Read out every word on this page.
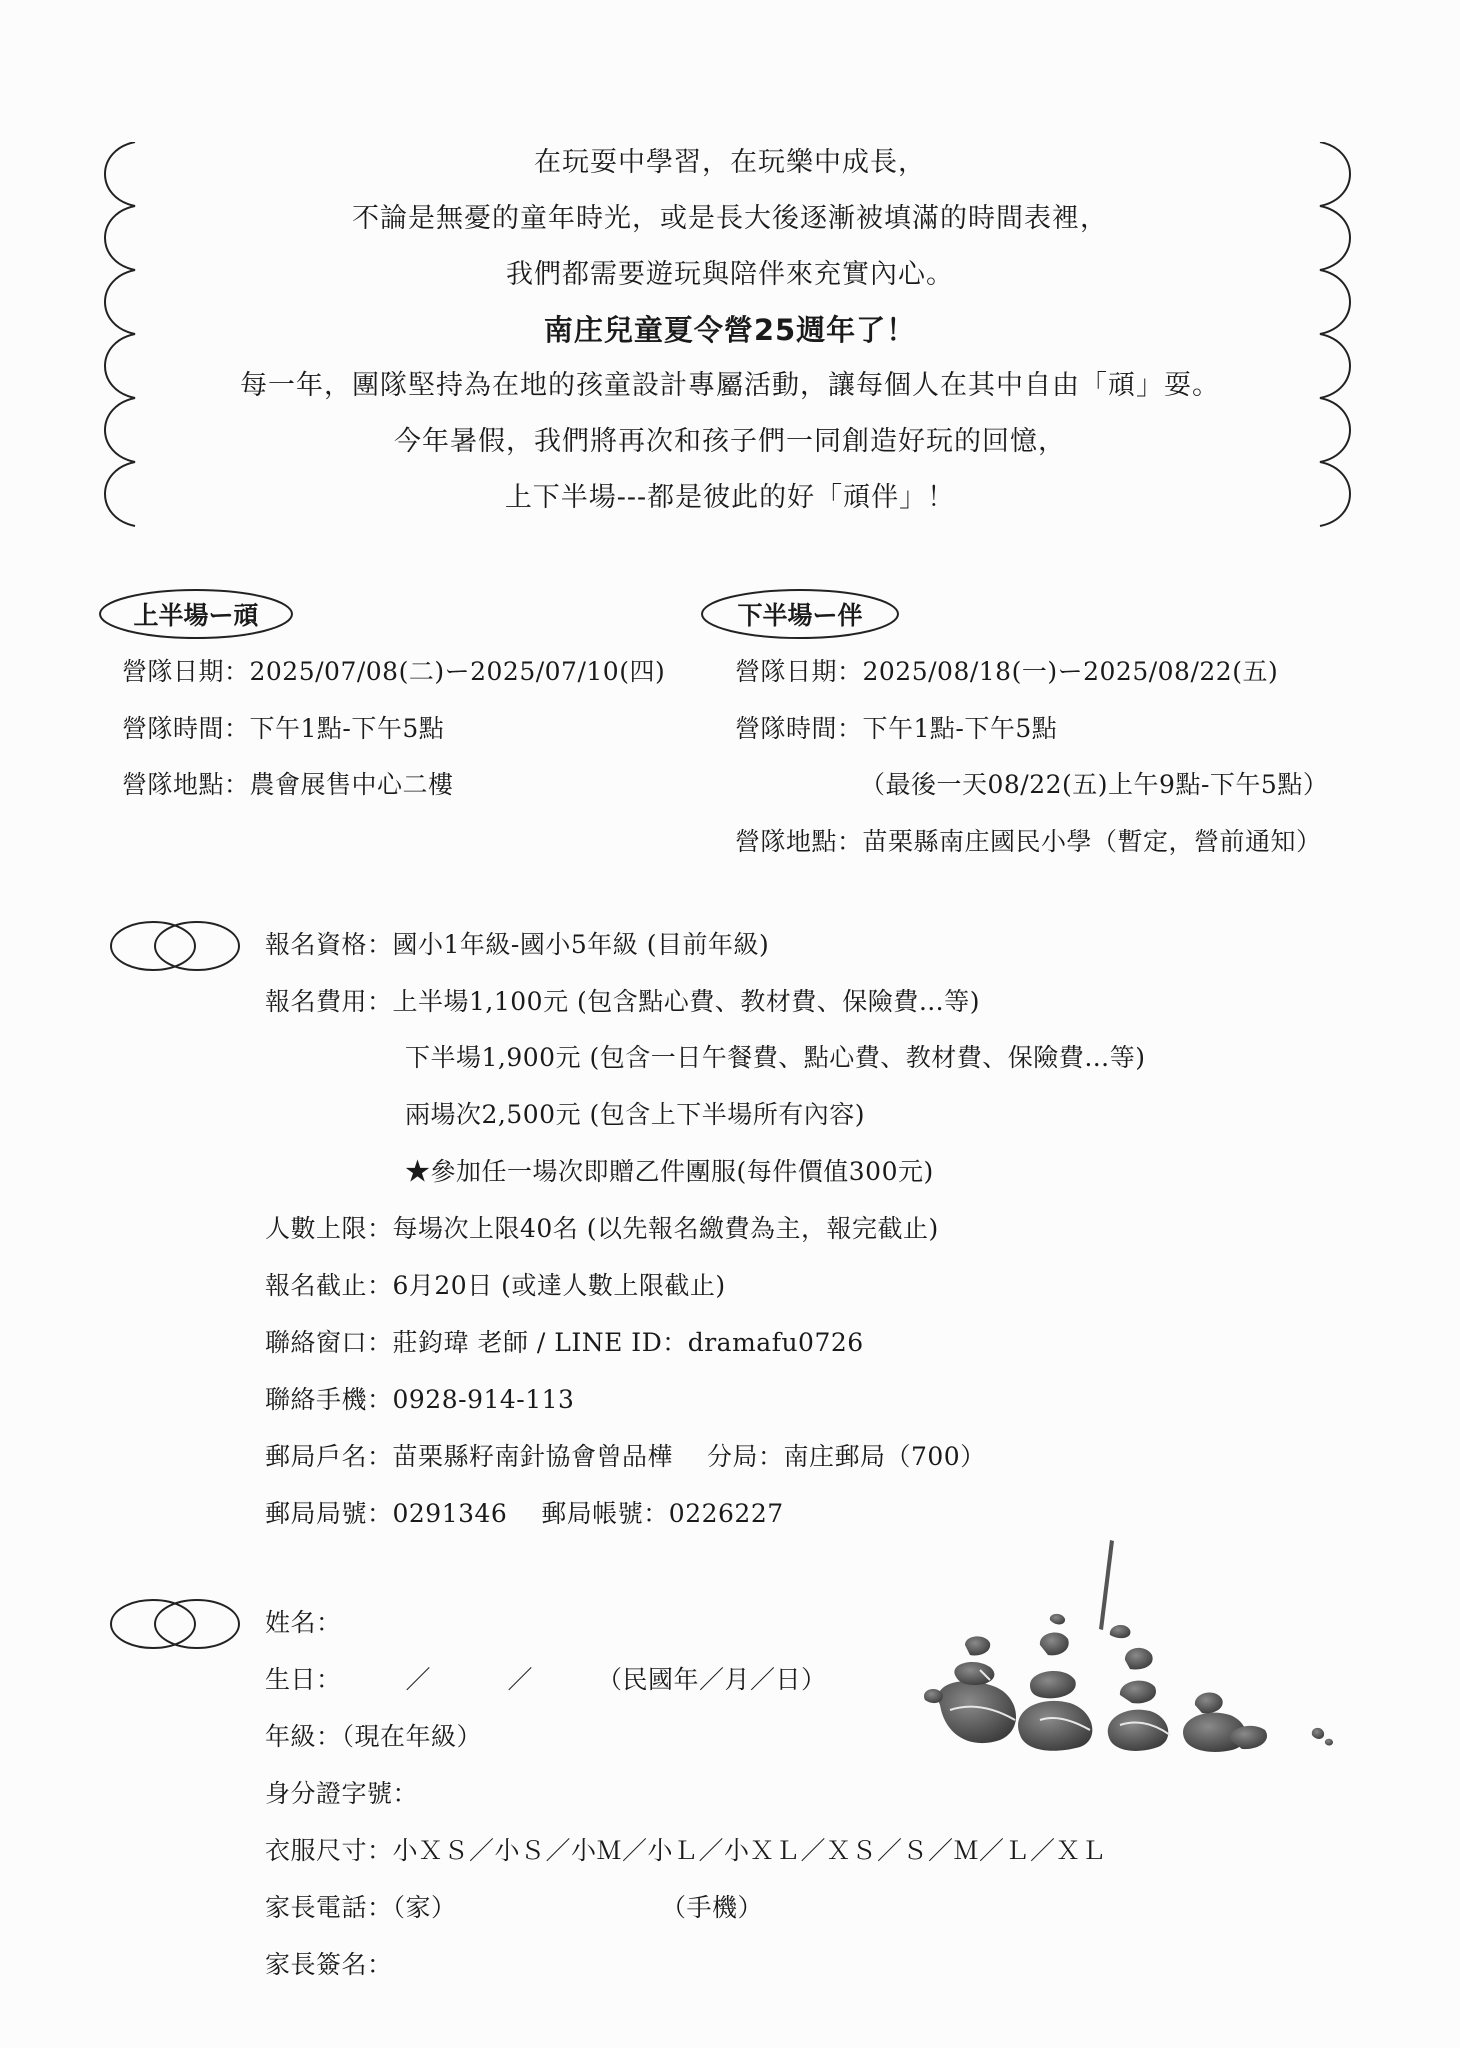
在玩耍中學習，在玩樂中成長，
不論是無憂的童年時光，或是長大後逐漸被填滿的時間表裡，
我們都需要遊玩與陪伴來充實內心。
南庄兒童夏令營25週年了！
每一年，團隊堅持為在地的孩童設計專屬活動，讓每個人在其中自由「頑」耍。
今年暑假，我們將再次和孩子們一同創造好玩的回憶，
上下半場---都是彼此的好「頑伴」！
上半場ー頑
營隊日期：2025/07/08(二)ー2025/07/10(四)
營隊時間：下午1點-下午5點
營隊地點：農會展售中心二樓
下半場ー伴
營隊日期：2025/08/18(一)ー2025/08/22(五)
營隊時間：下午1點-下午5點
（最後一天08/22(五)上午9點-下午5點）
營隊地點：苗栗縣南庄國民小學（暫定，營前通知）
報名資格：國小1年級-國小5年級 (目前年級)
報名費用：上半場1,100元 (包含點心費、教材費、保險費…等)
下半場1,900元 (包含一日午餐費、點心費、教材費、保險費…等)
兩場次2,500元 (包含上下半場所有內容)
★參加任一場次即贈乙件團服(每件價值300元)
人數上限：每場次上限40名 (以先報名繳費為主，報完截止)
報名截止：6月20日 (或達人數上限截止)
聯絡窗口：莊鈞瑋 老師 / LINE ID：dramafu0726
聯絡手機：0928-914-113
郵局戶名：苗栗縣籽南針協會曾品樺　 分局：南庄郵局（700）
郵局局號：0291346　 郵局帳號：0226227
姓名：
生日：　　　／　　　／　　　（民國年／月／日）
年級：（現在年級）
身分證字號：
衣服尺寸：小ＸＳ／小Ｓ／小Ｍ／小Ｌ／小ＸＬ／ＸＳ／Ｓ／Ｍ／Ｌ／ＸＬ
家長電話：（家）　　　　　　　　　（手機）
家長簽名：
